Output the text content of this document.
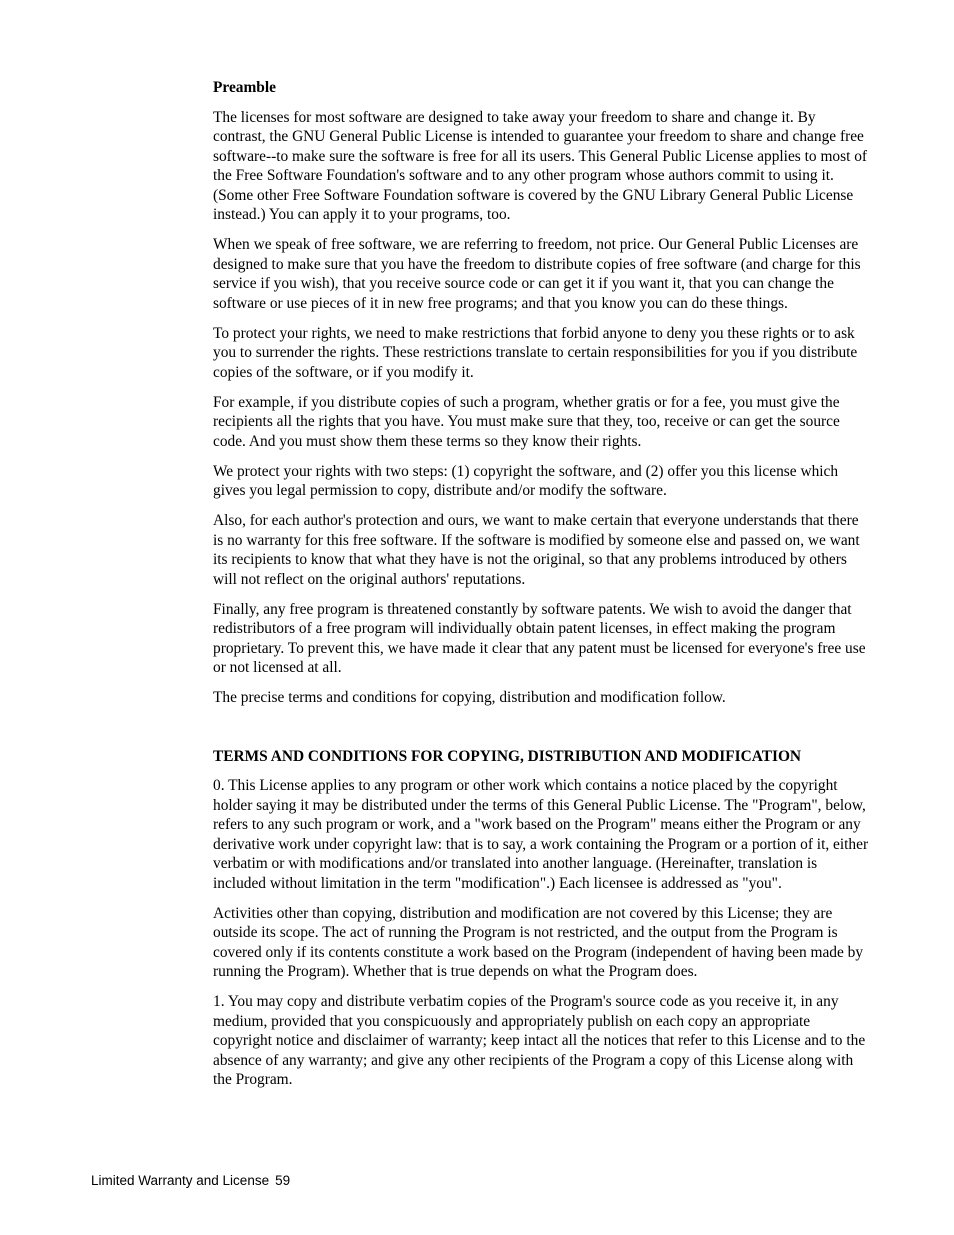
Preamble

The licenses for most software are designed to take away your freedom to share and change it. By contrast, the GNU General Public License is intended to guarantee your freedom to share and change free software--to make sure the software is free for all its users. This General Public License applies to most of the Free Software Foundation's software and to any other program whose authors commit to using it. (Some other Free Software Foundation software is covered by the GNU Library General Public License instead.) You can apply it to your programs, too.

When we speak of free software, we are referring to freedom, not price. Our General Public Licenses are designed to make sure that you have the freedom to distribute copies of free software (and charge for this service if you wish), that you receive source code or can get it if you want it, that you can change the software or use pieces of it in new free programs; and that you know you can do these things.

To protect your rights, we need to make restrictions that forbid anyone to deny you these rights or to ask you to surrender the rights. These restrictions translate to certain responsibilities for you if you distribute copies of the software, or if you modify it.

For example, if you distribute copies of such a program, whether gratis or for a fee, you must give the recipients all the rights that you have. You must make sure that they, too, receive or can get the source code. And you must show them these terms so they know their rights.

We protect your rights with two steps: (1) copyright the software, and (2) offer you this license which gives you legal permission to copy, distribute and/or modify the software.

Also, for each author's protection and ours, we want to make certain that everyone understands that there is no warranty for this free software. If the software is modified by someone else and passed on, we want its recipients to know that what they have is not the original, so that any problems introduced by others will not reflect on the original authors' reputations.

Finally, any free program is threatened constantly by software patents. We wish to avoid the danger that redistributors of a free program will individually obtain patent licenses, in effect making the program proprietary. To prevent this, we have made it clear that any patent must be licensed for everyone's free use or not licensed at all.

The precise terms and conditions for copying, distribution and modification follow.

TERMS AND CONDITIONS FOR COPYING, DISTRIBUTION AND MODIFICATION

0. This License applies to any program or other work which contains a notice placed by the copyright holder saying it may be distributed under the terms of this General Public License. The "Program", below, refers to any such program or work, and a "work based on the Program" means either the Program or any derivative work under copyright law: that is to say, a work containing the Program or a portion of it, either verbatim or with modifications and/or translated into another language. (Hereinafter, translation is included without limitation in the term "modification".) Each licensee is addressed as "you".

Activities other than copying, distribution and modification are not covered by this License; they are outside its scope. The act of running the Program is not restricted, and the output from the Program is covered only if its contents constitute a work based on the Program (independent of having been made by running the Program). Whether that is true depends on what the Program does.

1. You may copy and distribute verbatim copies of the Program's source code as you receive it, in any medium, provided that you conspicuously and appropriately publish on each copy an appropriate copyright notice and disclaimer of warranty; keep intact all the notices that refer to this License and to the absence of any warranty; and give any other recipients of the Program a copy of this License along with the Program.

Limited Warranty and License 59
